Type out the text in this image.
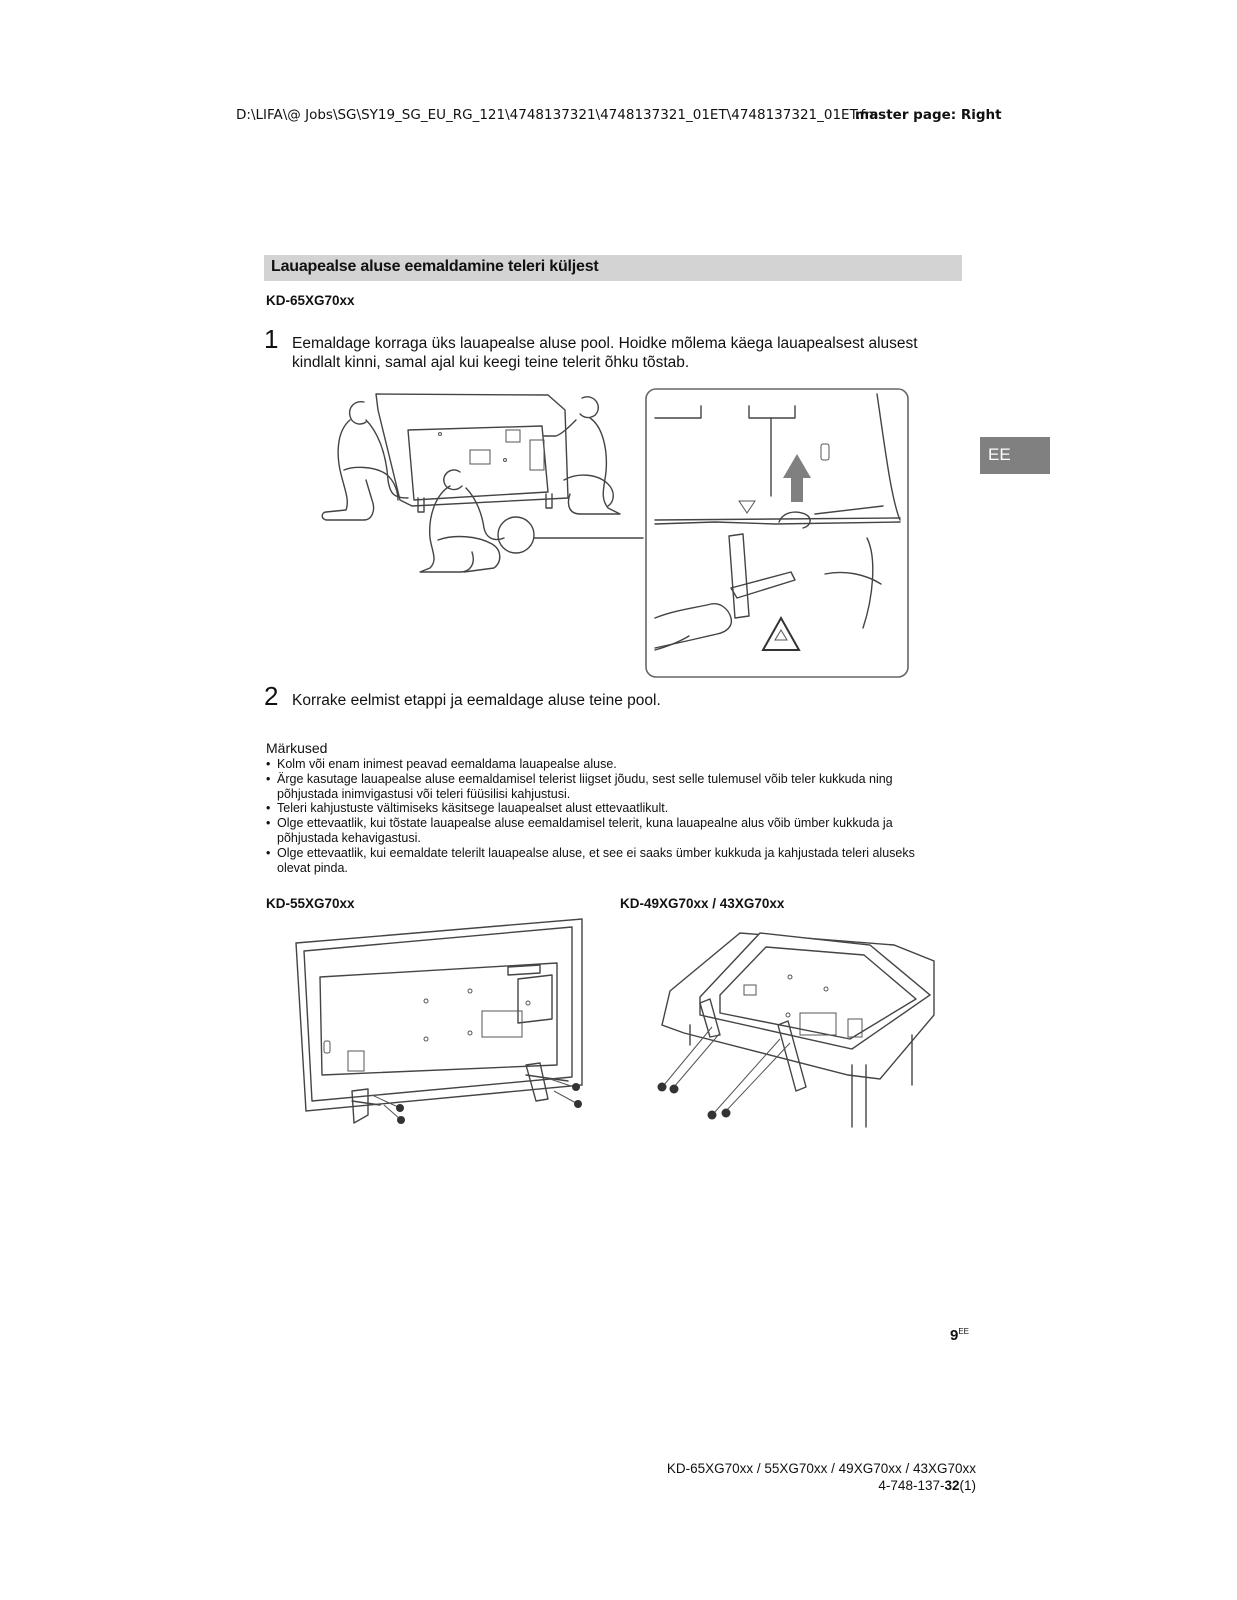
D:\LIFA\@ Jobs\SG\SY19_SG_EU_RG_121\4748137321\4748137321_01ET\4748137321_01ET.fm
master page: Right
EE
Lauapealse aluse eemaldamine teleri küljest
KD-65XG70xx
1 Eemaldage korraga üks lauapealse aluse pool. Hoidke mõlema käega lauapealsest alusest
kindlalt kinni, samal ajal kui keegi teine telerit õhku tõstab.
2 Korrake eelmist etappi ja eemaldage aluse teine pool.
Märkused
• Kolm või enam inimest peavad eemaldama lauapealse aluse.
• Ärge kasutage lauapealse aluse eemaldamisel telerist liigset jõudu, sest selle tulemusel võib teler kukkuda ning
põhjustada inimvigastusi või teleri füüsilisi kahjustusi.
• Teleri kahjustuste vältimiseks käsitsege lauapealset alust ettevaatlikult.
• Olge ettevaatlik, kui tõstate lauapealse aluse eemaldamisel telerit, kuna lauapealne alus võib ümber kukkuda ja
põhjustada kehavigastusi.
• Olge ettevaatlik, kui eemaldate telerilt lauapealse aluse, et see ei saaks ümber kukkuda ja kahjustada teleri aluseks
olevat pinda.
KD-55XG70xx	KD-49XG70xx / 43XG70xx
$9^{EE}$
KD-65XG70xx / 55XG70xx / 49XG70xx / 43XG70xx
4-748-137-32(1)
